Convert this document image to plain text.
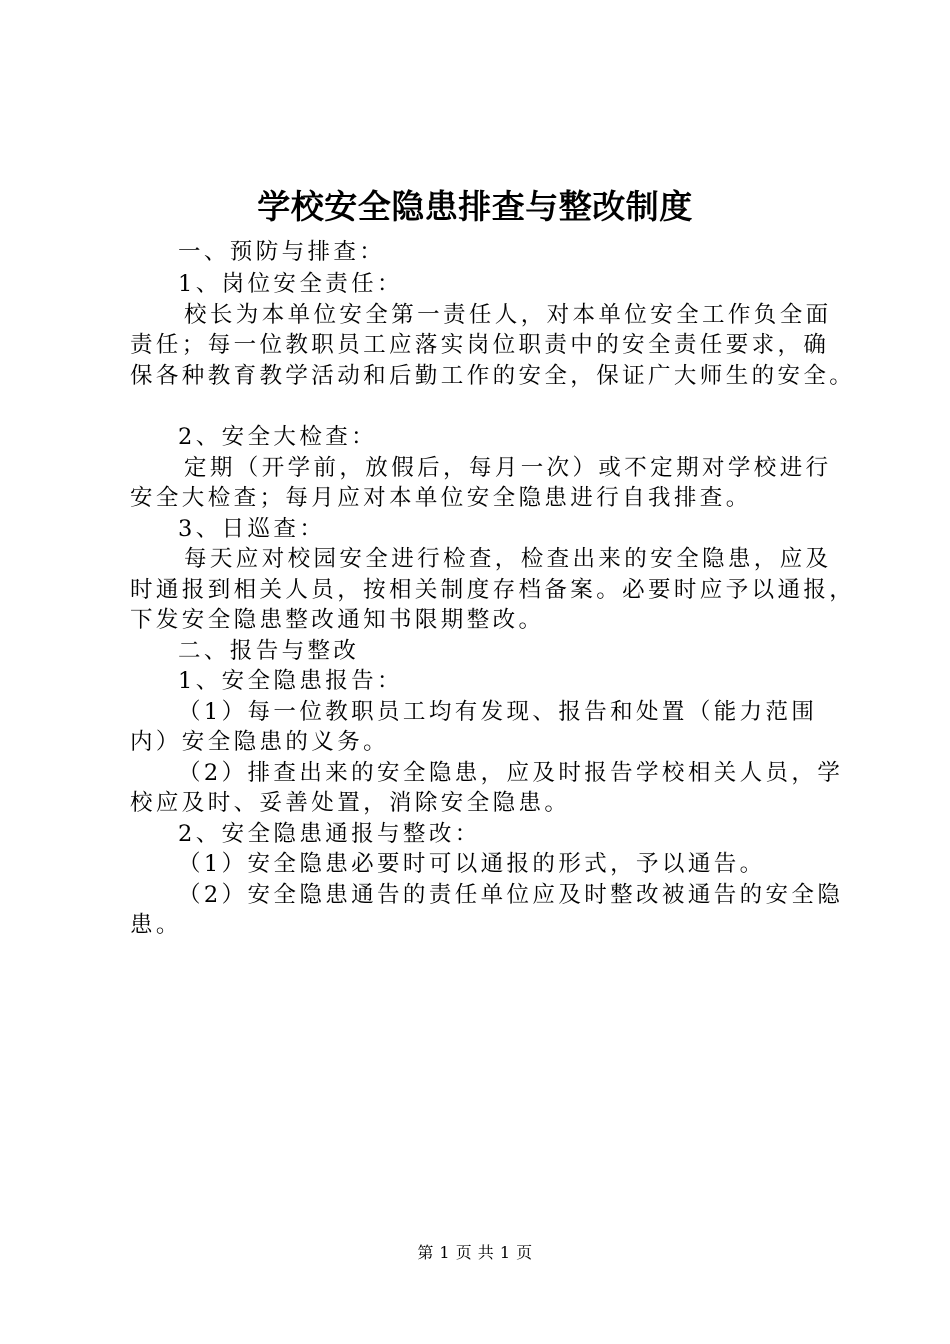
学校安全隐患排查与整改制度
一、预防与排查：
1、岗位安全责任：
校长为本单位安全第一责任人，对本单位安全工作负全面
责任；每一位教职员工应落实岗位职责中的安全责任要求，确
保各种教育教学活动和后勤工作的安全，保证广大师生的安全。
2、安全大检查：
定期（开学前，放假后，每月一次）或不定期对学校进行
安全大检查；每月应对本单位安全隐患进行自我排查。
3、日巡查：
每天应对校园安全进行检查，检查出来的安全隐患，应及
时通报到相关人员，按相关制度存档备案。必要时应予以通报，
下发安全隐患整改通知书限期整改。
二、报告与整改
1、安全隐患报告：
（1）每一位教职员工均有发现、报告和处置（能力范围
内）安全隐患的义务。
（2）排查出来的安全隐患，应及时报告学校相关人员，学
校应及时、妥善处置，消除安全隐患。
2、安全隐患通报与整改：
（1）安全隐患必要时可以通报的形式，予以通告。
（2）安全隐患通告的责任单位应及时整改被通告的安全隐
患。
第 1 页 共 1 页
